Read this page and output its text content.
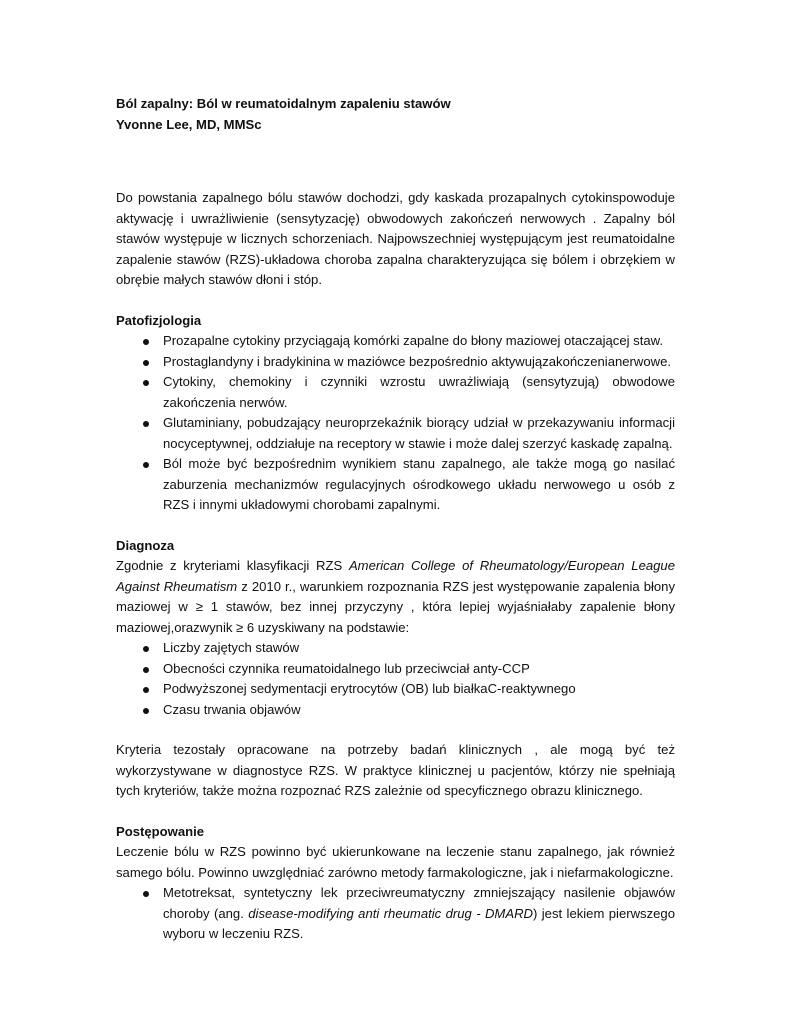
Ból zapalny: Ból w reumatoidalnym zapaleniu stawów
Yvonne Lee, MD, MMSc

Do powstania zapalnego bólu stawów dochodzi, gdy kaskada prozapalnych cytokinspowoduje aktywację i uwrażliwienie (sensytyzację) obwodowych zakończeń nerwowych . Zapalny ból stawów występuje w licznych schorzeniach. Najpowszechniej występującym jest reumatoidalne zapalenie stawów (RZS)-układowa choroba zapalna charakteryzująca się bólem i obrzękiem w obrębie małych stawów dłoni i stóp.

Patofizjologia
Prozapalne cytokiny przyciągają komórki zapalne do błony maziowej otaczającej staw.
Prostaglandyny i bradykinina w maziówce bezpośrednio aktywujązakończenianerwowe.
Cytokiny, chemokiny i czynniki wzrostu uwrażliwiają (sensytyzują) obwodowe zakończenia nerwów.
Glutaminiany, pobudzający neuroprzekaźnik biorący udział w przekazywaniu informacji nocyceptywnej, oddziałuje na receptory w stawie i może dalej szerzyć kaskadę zapalną.
Ból może być bezpośrednim wynikiem stanu zapalnego, ale także mogą go nasilać zaburzenia mechanizmów regulacyjnych ośrodkowego układu nerwowego u osób z RZS i innymi układowymi chorobami zapalnymi.
Diagnoza

Zgodnie z kryteriami klasyfikacji RZS American College of Rheumatology/European League Against Rheumatism z 2010 r., warunkiem rozpoznania RZS jest występowanie zapalenia błony maziowej w ≥ 1 stawów, bez innej przyczyny , która lepiej wyjaśniałaby zapalenie błony maziowej,orazwynik ≥ 6 uzyskiwany na podstawie:

Liczby zajętych stawów
Obecności czynnika reumatoidalnego lub przeciwciał anty-CCP
Podwyższonej sedymentacji erytrocytów (OB) lub białkaC-reaktywnego
Czasu trwania objawów

Kryteria tezostały opracowane na potrzeby badań klinicznych , ale mogą być też wykorzystywane w diagnostyce RZS. W praktyce klinicznej u pacjentów, którzy nie spełniają tych kryteriów, także można rozpoznać RZS zależnie od specyficznego obrazu klinicznego.

Postępowanie

Leczenie bólu w RZS powinno być ukierunkowane na leczenie stanu zapalnego, jak również samego bólu. Powinno uwzględniać zarówno metody farmakologiczne, jak i niefarmakologiczne.

Metotreksat, syntetyczny lek przeciwreumatyczny zmniejszający nasilenie objawów choroby (ang. disease-modifying anti rheumatic drug - DMARD) jest lekiem pierwszego wyboru w leczeniu RZS.
